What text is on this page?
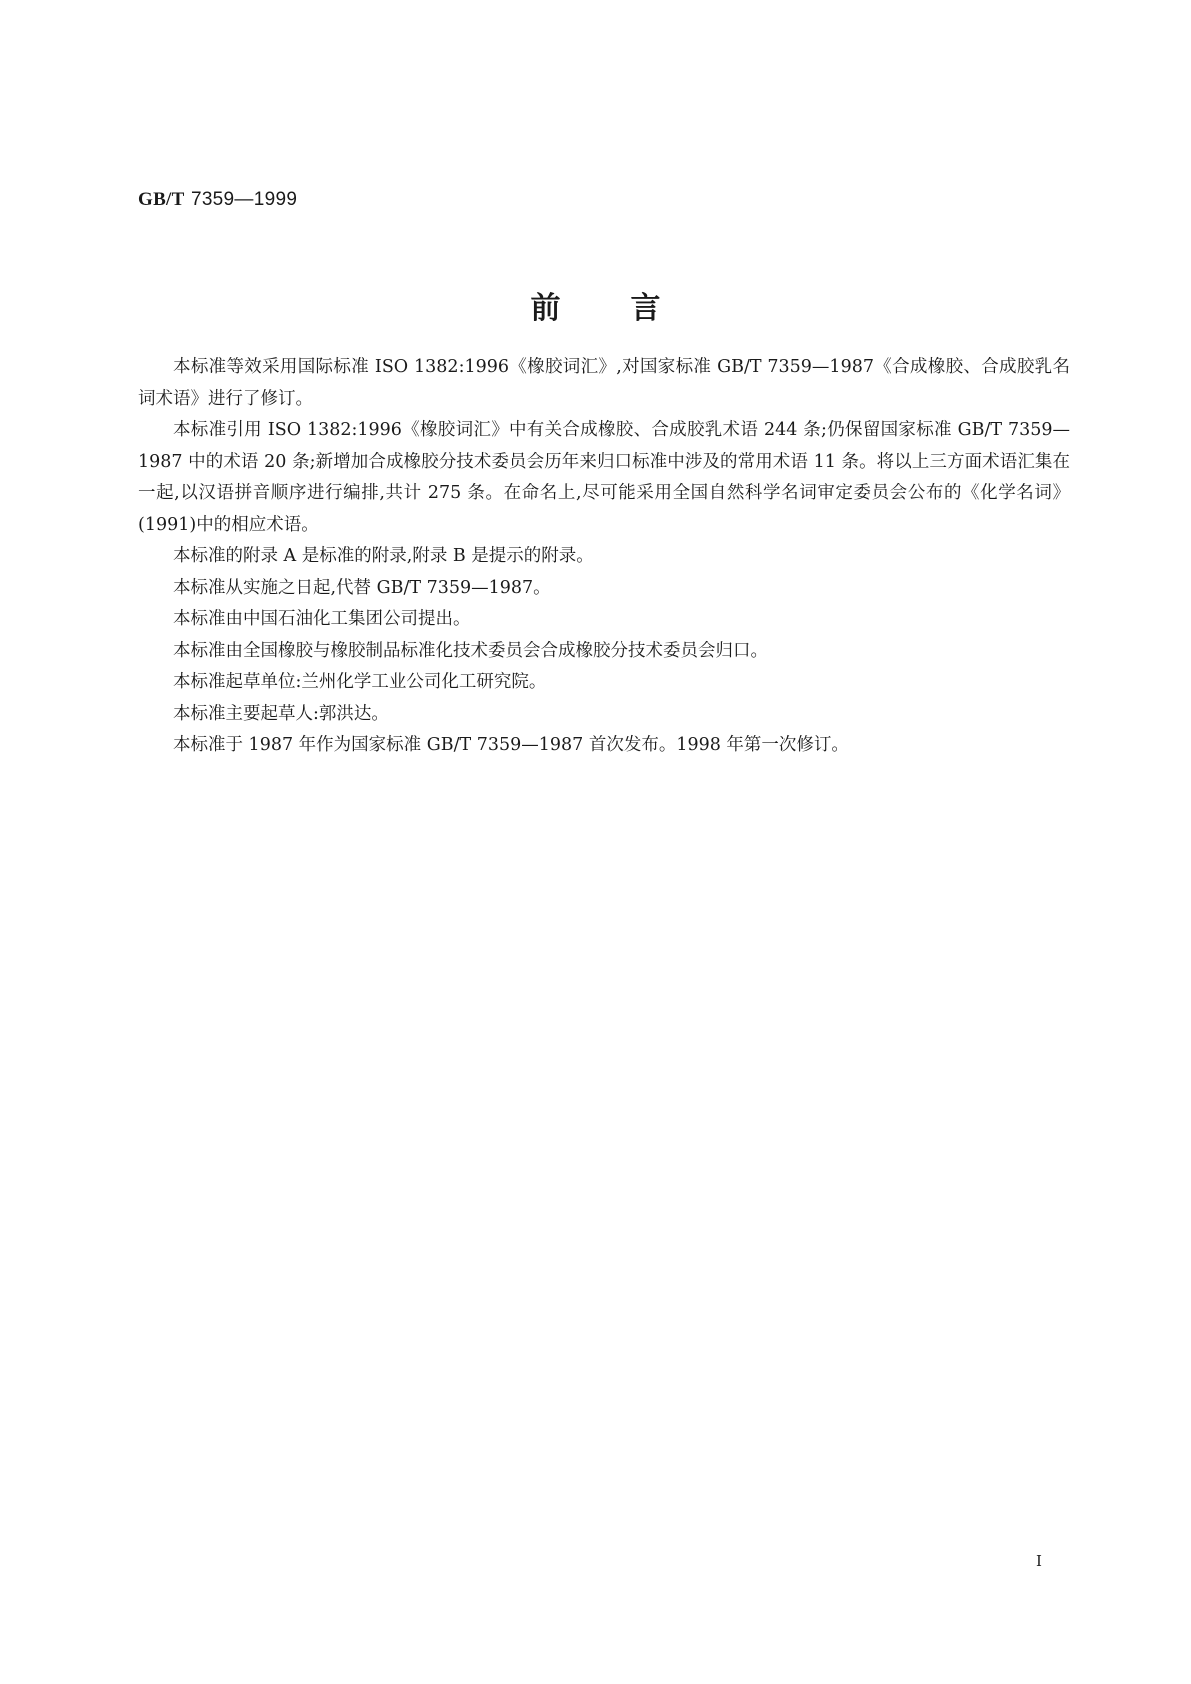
GB/T 7359—1999
前言

本标准等效采用国际标准 ISO 1382:1996《橡胶词汇》,对国家标准 GB/T 7359—1987《合成橡胶、合成胶乳名词术语》进行了修订。

本标准引用 ISO 1382:1996《橡胶词汇》中有关合成橡胶、合成胶乳术语 244 条;仍保留国家标准 GB/T 7359—1987 中的术语 20 条;新增加合成橡胶分技术委员会历年来归口标准中涉及的常用术语 11 条。将以上三方面术语汇集在一起,以汉语拼音顺序进行编排,共计 275 条。在命名上,尽可能采用全国自然科学名词审定委员会公布的《化学名词》(1991)中的相应术语。

本标准的附录 A 是标准的附录,附录 B 是提示的附录。

本标准从实施之日起,代替 GB/T 7359—1987。

本标准由中国石油化工集团公司提出。

本标准由全国橡胶与橡胶制品标准化技术委员会合成橡胶分技术委员会归口。

本标准起草单位:兰州化学工业公司化工研究院。

本标准主要起草人:郭洪达。

本标准于 1987 年作为国家标准 GB/T 7359—1987 首次发布。1998 年第一次修订。

I
